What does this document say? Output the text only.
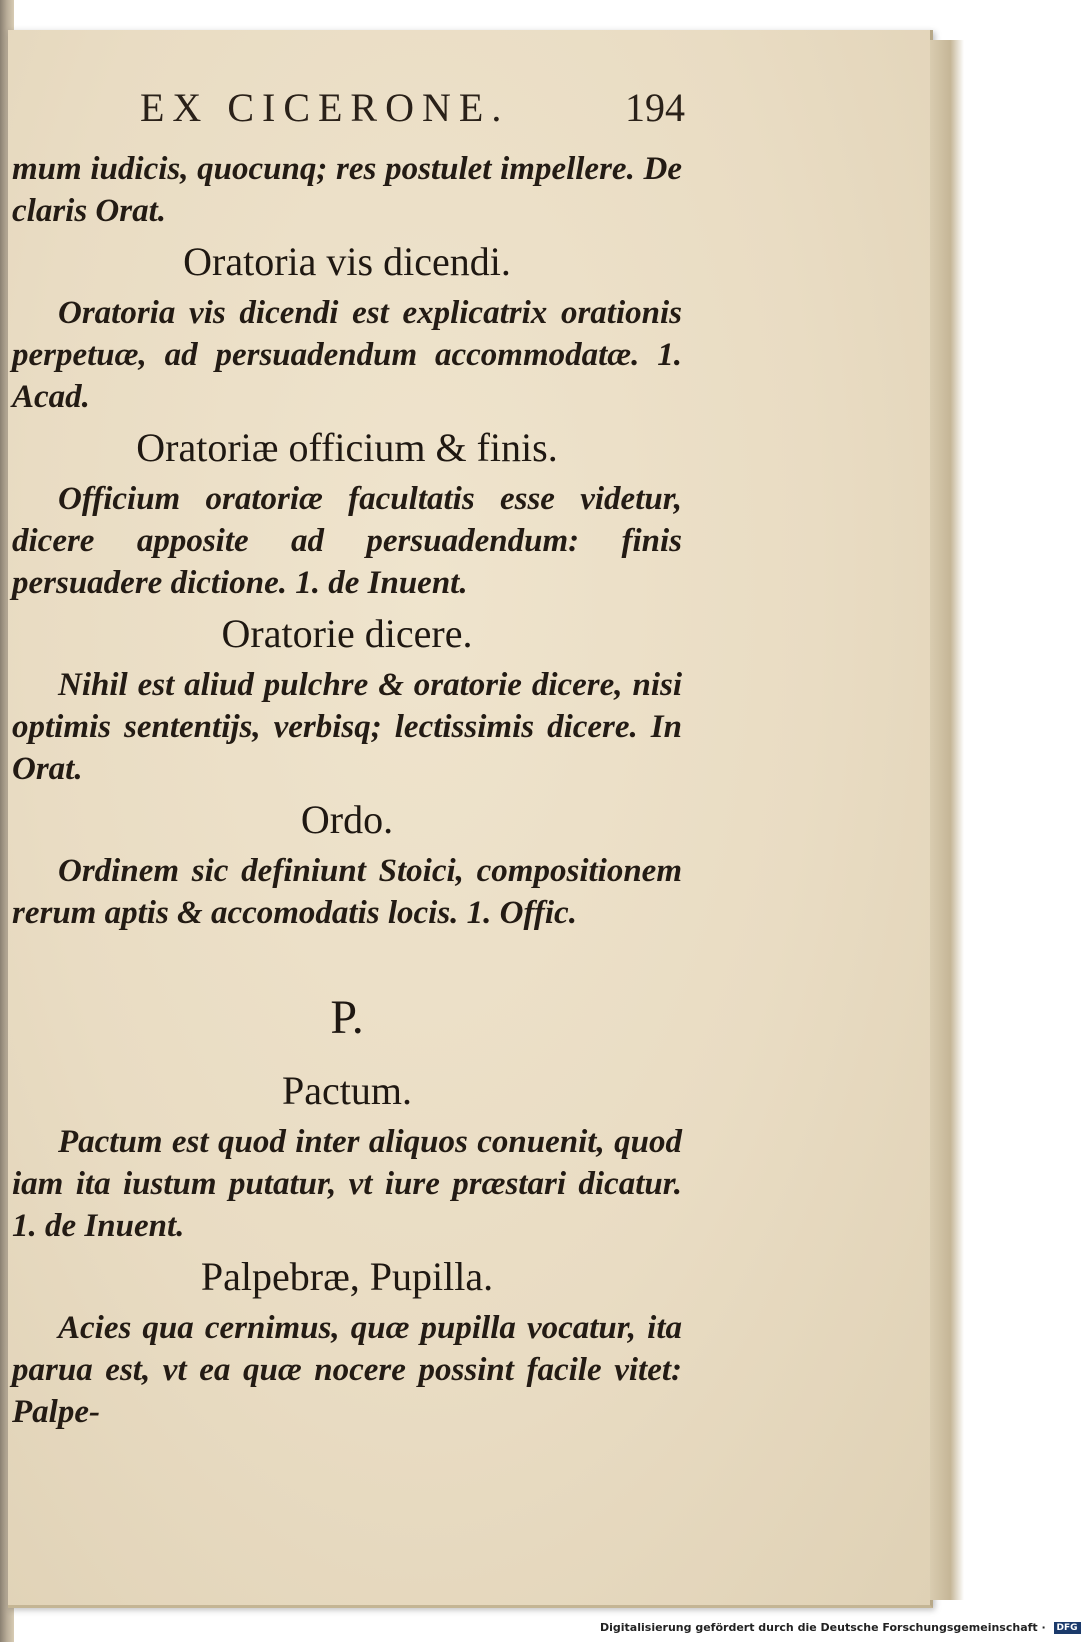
EX CICERONE.	194

mum iudicis, quocunq; res postulet impellere. De claris Orat.

Oratoria vis dicendi.

Oratoria vis dicendi est explicatrix orationis perpetuæ, ad persuadendum accommodatæ. 1. Acad.

Oratoriæ officium & finis.

Officium oratoriæ facultatis esse videtur, dicere apposite ad persuadendum: finis persuadere dictione. 1. de Inuent.

Oratorie dicere.

Nihil est aliud pulchre & oratorie dicere, nisi optimis sententijs, verbisq; lectissimis dicere. In Orat.

Ordo.

Ordinem sic definiunt Stoici, compositionem rerum aptis & accomodatis locis. 1. Offic.

P.
Pactum.

Pactum est quod inter aliquos conuenit, quod iam ita iustum putatur, vt iure præstari dicatur. 1. de Inuent.

Palpebræ, Pupilla.

Acies qua cernimus, quæ pupilla vocatur, ita parua est, vt ea quæ nocere possint facile vitet: Palpe-

Digitalisierung gefördert durch die Deutsche Forschungsgemeinschaft · DFG
